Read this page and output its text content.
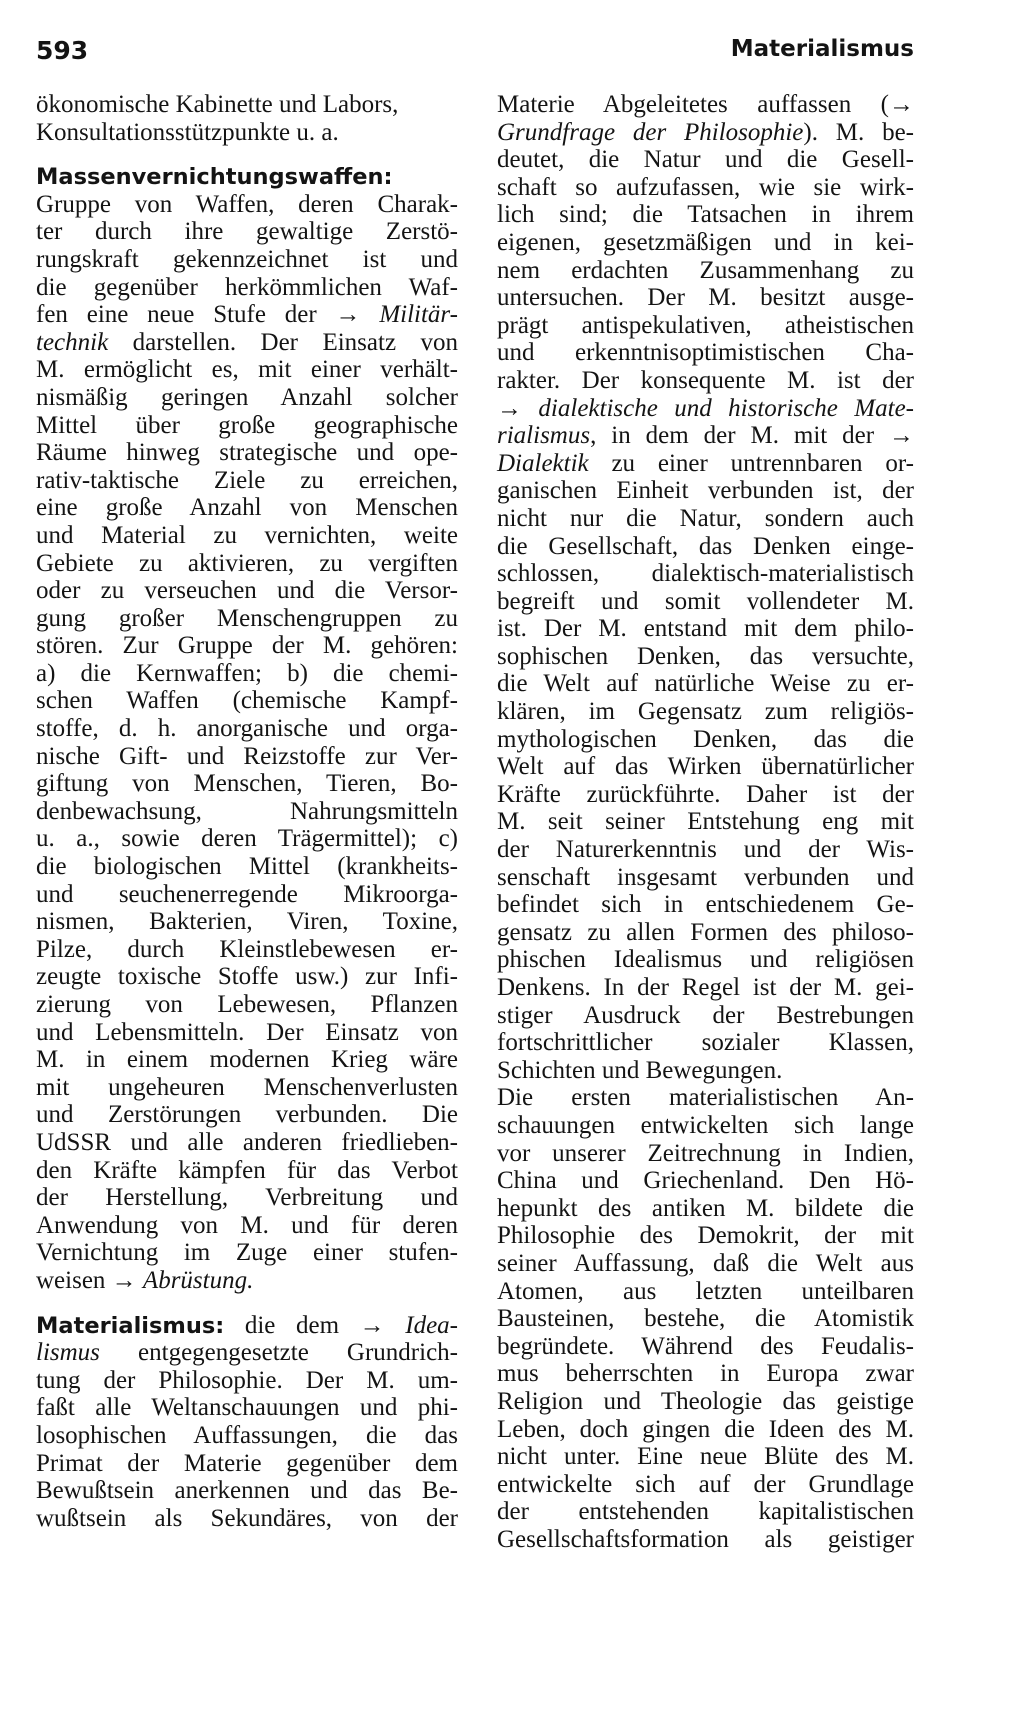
593	Materialismus
ökonomische Kabinette und Labors,
Konsultationsstützpunkte u. a.
Massenvernichtungswaffen:
Gruppe von Waffen, deren Charak-
ter durch ihre gewaltige Zerstö-
rungskraft gekennzeichnet ist und
die gegenüber herkömmlichen Waf-
fen eine neue Stufe der → Militär-
technik darstellen. Der Einsatz von
M. ermöglicht es, mit einer verhält-
nismäßig geringen Anzahl solcher
Mittel über große geographische
Räume hinweg strategische und ope-
rativ-taktische Ziele zu erreichen,
eine große Anzahl von Menschen
und Material zu vernichten, weite
Gebiete zu aktivieren, zu vergiften
oder zu verseuchen und die Versor-
gung großer Menschengruppen zu
stören. Zur Gruppe der M. gehören:
a) die Kernwaffen; b) die chemi-
schen Waffen (chemische Kampf-
stoffe, d. h. anorganische und orga-
nische Gift- und Reizstoffe zur Ver-
giftung von Menschen, Tieren, Bo-
denbewachsung, Nahrungsmitteln
u. a., sowie deren Trägermittel); c)
die biologischen Mittel (krankheits-
und seuchenerregende Mikroorga-
nismen, Bakterien, Viren, Toxine,
Pilze, durch Kleinstlebewesen er-
zeugte toxische Stoffe usw.) zur Infi-
zierung von Lebewesen, Pflanzen
und Lebensmitteln. Der Einsatz von
M. in einem modernen Krieg wäre
mit ungeheuren Menschenverlusten
und Zerstörungen verbunden. Die
UdSSR und alle anderen friedlieben-
den Kräfte kämpfen für das Verbot
der Herstellung, Verbreitung und
Anwendung von M. und für deren
Vernichtung im Zuge einer stufen-
weisen → Abrüstung.
Materialismus: die dem → Idea-
lismus entgegengesetzte Grundrich-
tung der Philosophie. Der M. um-
faßt alle Weltanschauungen und phi-
losophischen Auffassungen, die das
Primat der Materie gegenüber dem
Bewußtsein anerkennen und das Be-
wußtsein als Sekundäres, von der
Materie Abgeleitetes auffassen (→
Grundfrage der Philosophie). M. be-
deutet, die Natur und die Gesell-
schaft so aufzufassen, wie sie wirk-
lich sind; die Tatsachen in ihrem
eigenen, gesetzmäßigen und in kei-
nem erdachten Zusammenhang zu
untersuchen. Der M. besitzt ausge-
prägt antispekulativen, atheistischen
und erkenntnisoptimistischen Cha-
rakter. Der konsequente M. ist der
→ dialektische und historische Mate-
rialismus, in dem der M. mit der →
Dialektik zu einer untrennbaren or-
ganischen Einheit verbunden ist, der
nicht nur die Natur, sondern auch
die Gesellschaft, das Denken einge-
schlossen, dialektisch-materialistisch
begreift und somit vollendeter M.
ist. Der M. entstand mit dem philo-
sophischen Denken, das versuchte,
die Welt auf natürliche Weise zu er-
klären, im Gegensatz zum religiös-
mythologischen Denken, das die
Welt auf das Wirken übernatürlicher
Kräfte zurückführte. Daher ist der
M. seit seiner Entstehung eng mit
der Naturerkenntnis und der Wis-
senschaft insgesamt verbunden und
befindet sich in entschiedenem Ge-
gensatz zu allen Formen des philoso-
phischen Idealismus und religiösen
Denkens. In der Regel ist der M. gei-
stiger Ausdruck der Bestrebungen
fortschrittlicher sozialer Klassen,
Schichten und Bewegungen.
Die ersten materialistischen An-
schauungen entwickelten sich lange
vor unserer Zeitrechnung in Indien,
China und Griechenland. Den Hö-
hepunkt des antiken M. bildete die
Philosophie des Demokrit, der mit
seiner Auffassung, daß die Welt aus
Atomen, aus letzten unteilbaren
Bausteinen, bestehe, die Atomistik
begründete. Während des Feudalis-
mus beherrschten in Europa zwar
Religion und Theologie das geistige
Leben, doch gingen die Ideen des M.
nicht unter. Eine neue Blüte des M.
entwickelte sich auf der Grundlage
der entstehenden kapitalistischen
Gesellschaftsformation als geistiger
